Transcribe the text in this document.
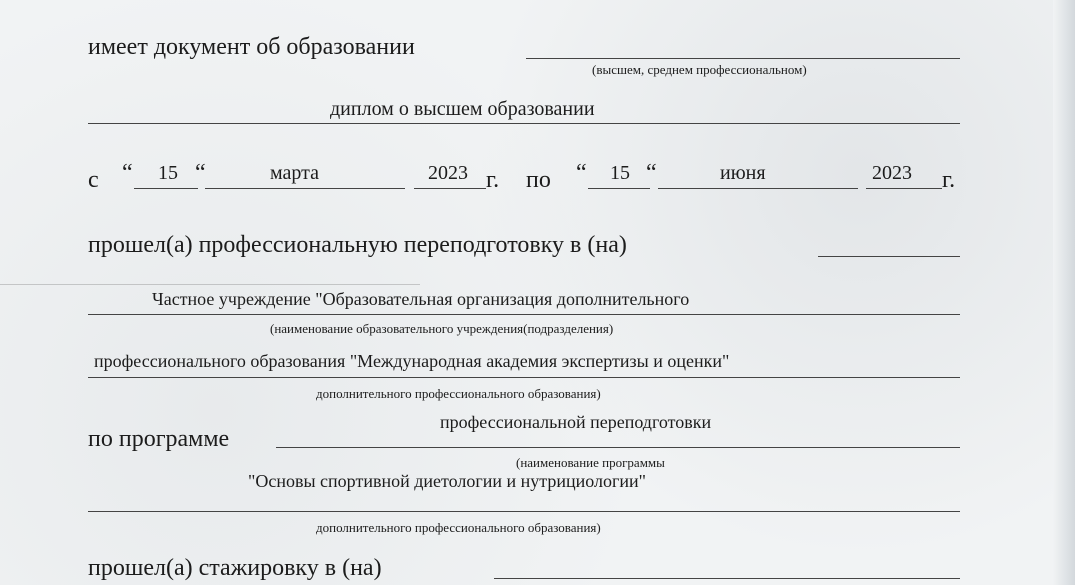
имеет документ об образовании
(высшем, среднем профессиональном)
диплом о высшем образовании
с “ 15 “	марта	2023 г. по “ 15 “	июня	2023 г.
прошел(а) профессиональную переподготовку в (на)
Частное учреждение "Образовательная организация дополнительного
(наименование образовательного учреждения(подразделения)
профессионального образования "Международная академия экспертизы и оценки"
дополнительного профессионального образования)
профессиональной переподготовки
по программе
(наименование программы
"Основы спортивной диетологии и нутрициологии"
дополнительного профессионального образования)
прошел(а) стажировку в (на)
